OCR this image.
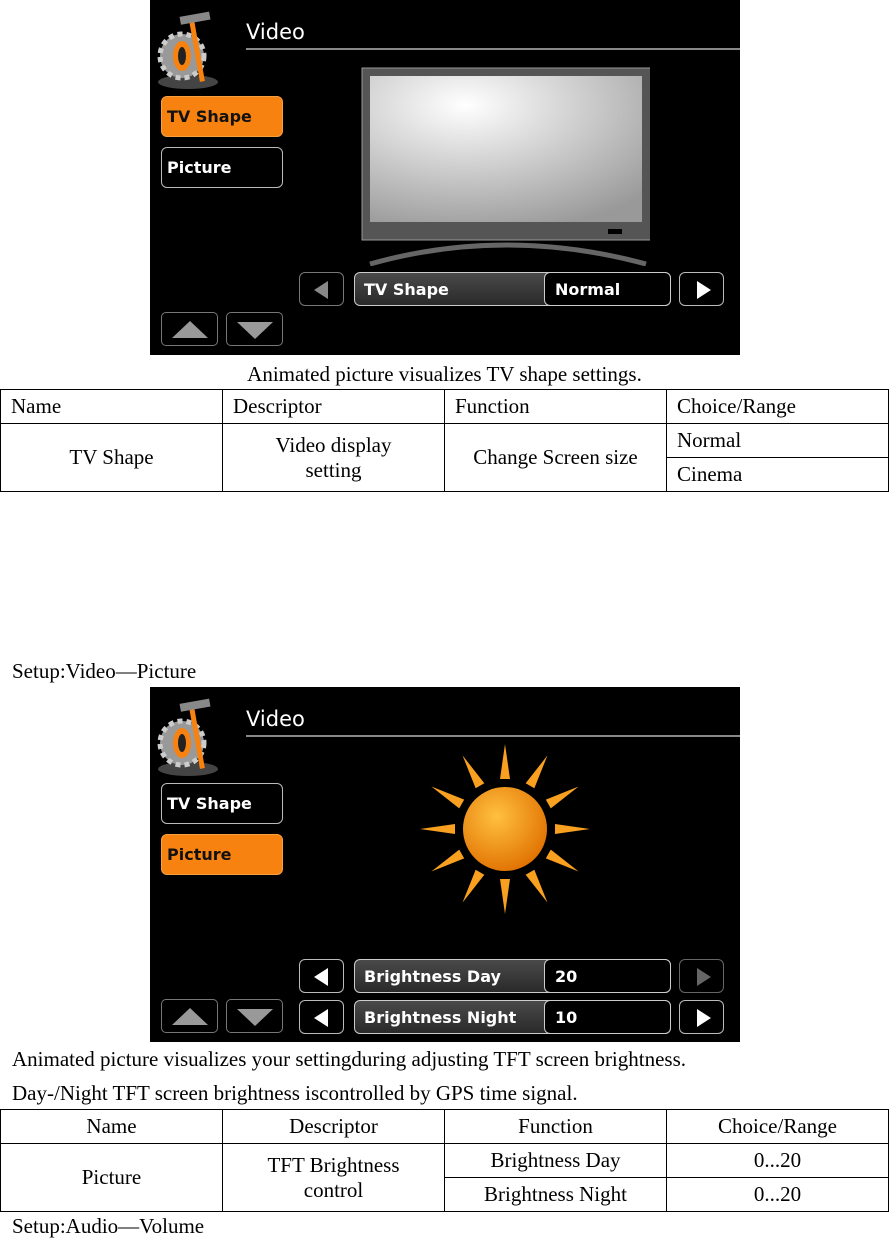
Video
TV Shape
Picture
TV Shape	Normal
Animated picture visualizes TV shape settings.
Name	Descriptor	Function	Choice/Range
TV Shape	Video display setting	Change Screen size	Normal
			Cinema
Setup:Video—Picture
Video
TV Shape
Picture
Brightness Day	20
Brightness Night	10
Animated picture visualizes your settingduring adjusting TFT screen brightness.
Day-/Night TFT screen brightness iscontrolled by GPS time signal.
Name	Descriptor	Function	Choice/Range
Picture	TFT Brightness control	Brightness Day	0...20
		Brightness Night	0...20
Setup:Audio—Volume
